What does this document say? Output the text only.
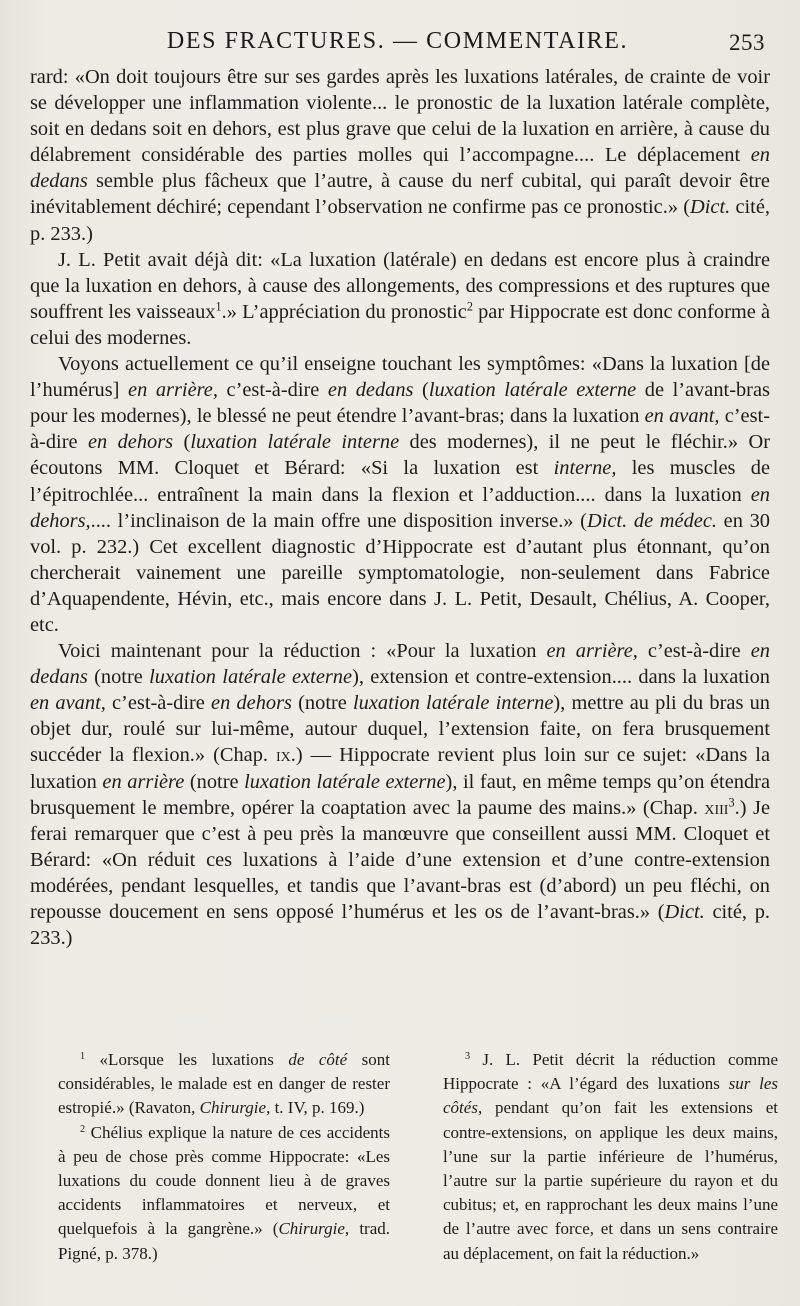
DES FRACTURES. — COMMENTAIRE.	253

rard: «On doit toujours être sur ses gardes après les luxations latérales, de crainte de voir se développer une inflammation violente... le pronostic de la luxation latérale complète, soit en dedans soit en dehors, est plus grave que celui de la luxation en arrière, à cause du délabrement considérable des parties molles qui l’accompagne.... Le déplacement en dedans semble plus fâcheux que l’autre, à cause du nerf cubital, qui paraît devoir être inévitablement déchiré; cependant l’observation ne confirme pas ce pronostic.» (Dict. cité, p. 233.)

J. L. Petit avait déjà dit: «La luxation (latérale) en dedans est encore plus à craindre que la luxation en dehors, à cause des allongements, des compressions et des ruptures que souffrent les vaisseaux$^1$.» L’appréciation du pronostic$^2$ par Hippocrate est donc conforme à celui des modernes.

Voyons actuellement ce qu’il enseigne touchant les symptômes: «Dans la luxation [de l’humérus] en arrière, c’est-à-dire en dedans (luxation latérale externe de l’avant-bras pour les modernes), le blessé ne peut étendre l’avant-bras; dans la luxation en avant, c’est-à-dire en dehors (luxation latérale interne des modernes), il ne peut le fléchir.» Or écoutons MM. Cloquet et Bérard: «Si la luxation est interne, les muscles de l’épitrochlée... entraînent la main dans la flexion et l’adduction.... dans la luxation en dehors,.... l’inclinaison de la main offre une disposition inverse.» (Dict. de médec. en 30 vol. p. 232.) Cet excellent diagnostic d’Hippocrate est d’autant plus étonnant, qu’on chercherait vainement une pareille symptomatologie, non-seulement dans Fabrice d’Aquapendente, Hévin, etc., mais encore dans J. L. Petit, Desault, Chélius, A. Cooper, etc.

Voici maintenant pour la réduction : «Pour la luxation en arrière, c’est-à-dire en dedans (notre luxation latérale externe), extension et contre-extension.... dans la luxation en avant, c’est-à-dire en dehors (notre luxation latérale interne), mettre au pli du bras un objet dur, roulé sur lui-même, autour duquel, l’extension faite, on fera brusquement succéder la flexion.» (Chap. ix.) — Hippocrate revient plus loin sur ce sujet: «Dans la luxation en arrière (notre luxation latérale externe), il faut, en même temps qu’on étendra brusquement le membre, opérer la coaptation avec la paume des mains.» (Chap. xiii$^3$.) Je ferai remarquer que c’est à peu près la manœuvre que conseillent aussi MM. Cloquet et Bérard: «On réduit ces luxations à l’aide d’une extension et d’une contre-extension modérées, pendant lesquelles, et tandis que l’avant-bras est (d’abord) un peu fléchi, on repousse doucement en sens opposé l’humérus et les os de l’avant-bras.» (Dict. cité, p. 233.)

$^1$ «Lorsque les luxations de côté sont considérables, le malade est en danger de rester estropié.» (Ravaton, Chirurgie, t. IV, p. 169.)

$^2$ Chélius explique la nature de ces accidents à peu de chose près comme Hippocrate: «Les luxations du coude donnent lieu à de graves accidents inflammatoires et nerveux, et quelquefois à la gangrène.» (Chirurgie, trad. Pigné, p. 378.)

$^3$ J. L. Petit décrit la réduction comme Hippocrate : «A l’égard des luxations sur les côtés, pendant qu’on fait les extensions et contre-extensions, on applique les deux mains, l’une sur la partie inférieure de l’humérus, l’autre sur la partie supérieure du rayon et du cubitus; et, en rapprochant les deux mains l’une de l’autre avec force, et dans un sens contraire au déplacement, on fait la réduction.»
